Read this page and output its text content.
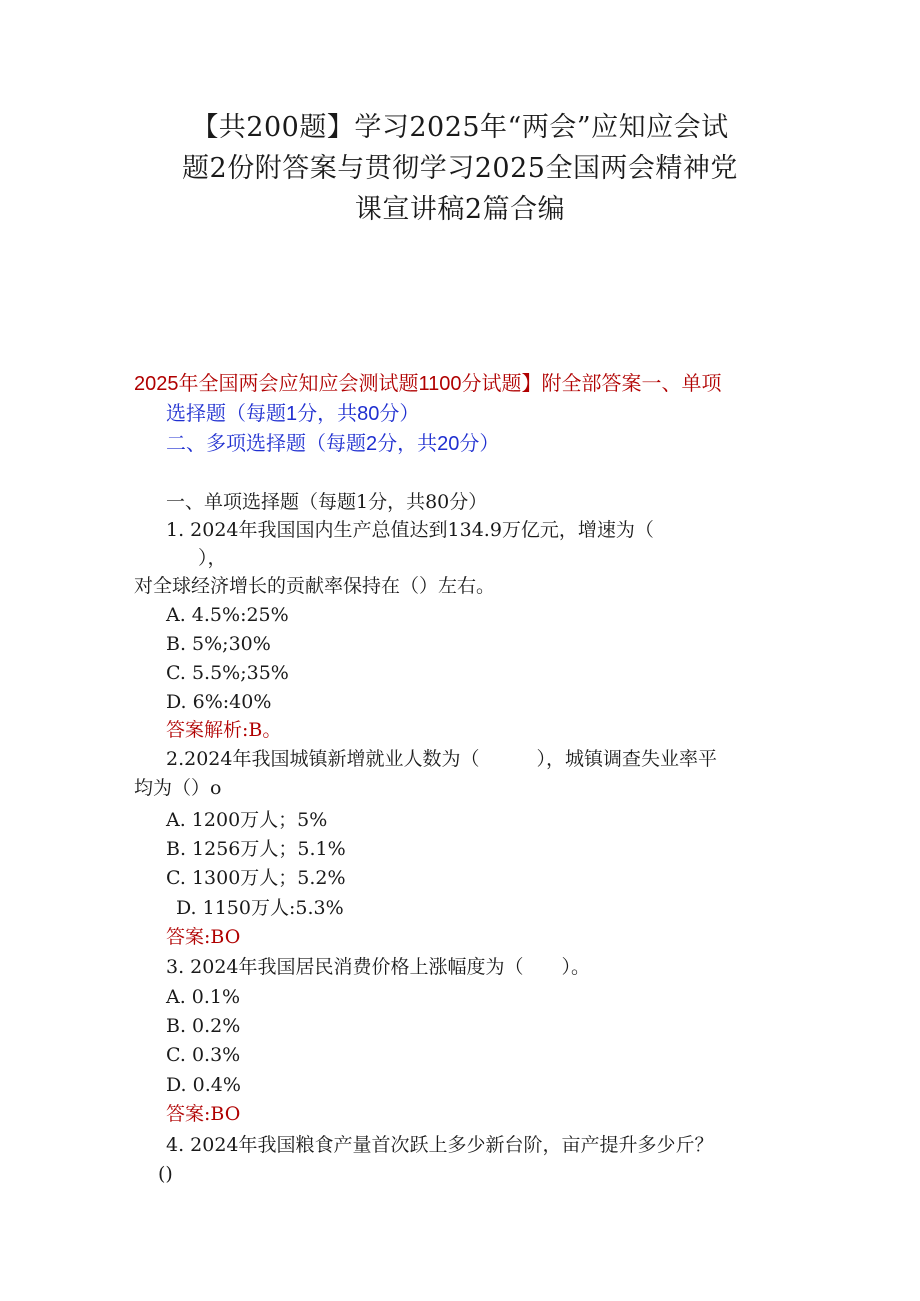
【共200题】学习2025年“两会”应知应会试
题2份附答案与贯彻学习2025全国两会精神党
课宣讲稿2篇合编
2025年全国两会应知应会测试题1100分试题】附全部答案一、单项
选择题（每题1分，共80分）
二、多项选择题（每题2分，共20分）
一、单项选择题（每题1分，共80分）
1. 2024年我国国内生产总值达到134.9万亿元，增速为（
），
对全球经济增长的贡献率保持在（）左右。
A. 4.5%:25%
B. 5%;30%
C. 5.5%;35%
D. 6%:40%
答案解析:B。
2.2024年我国城镇新增就业人数为（　　　），城镇调查失业率平
均为（）o
A. 1200万人；5%
B. 1256万人；5.1%
C. 1300万人；5.2%
D. 1150万人:5.3%
答案:BO
3. 2024年我国居民消费价格上涨幅度为（　　）。
A. 0.1%
B. 0.2%
C. 0.3%
D. 0.4%
答案:BO
4. 2024年我国粮食产量首次跃上多少新台阶，亩产提升多少斤？
()
